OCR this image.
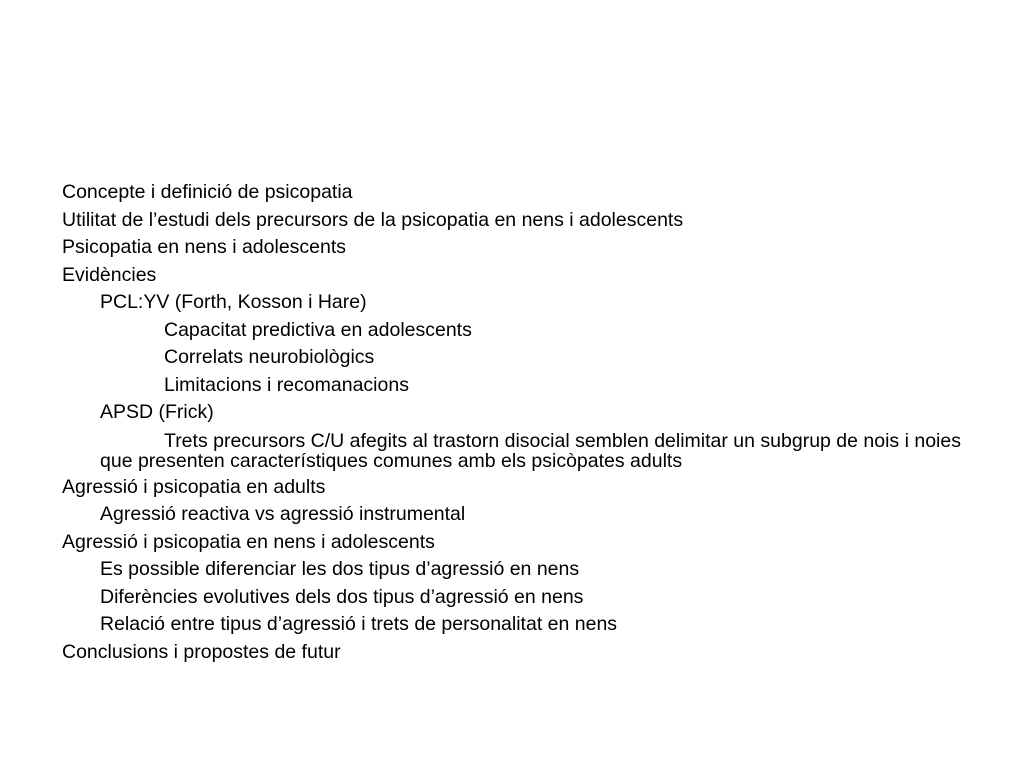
Concepte i definició de psicopatia
Utilitat de l’estudi dels precursors de la psicopatia en nens i adolescents
Psicopatia en nens i adolescents
Evidències
PCL:YV (Forth, Kosson i Hare)
Capacitat predictiva en adolescents
Correlats neurobiològics
Limitacions i recomanacions
APSD (Frick)
Trets precursors C/U afegits al trastorn disocial semblen delimitar un subgrup de nois i noies que presenten característiques comunes amb els psicòpates adults
Agressió i psicopatia en adults
Agressió reactiva vs agressió instrumental
Agressió i psicopatia en nens i adolescents
Es possible diferenciar les dos tipus d’agressió en nens
Diferències evolutives dels dos tipus d’agressió en nens
Relació entre tipus d’agressió i trets de personalitat en nens
Conclusions i propostes de futur
